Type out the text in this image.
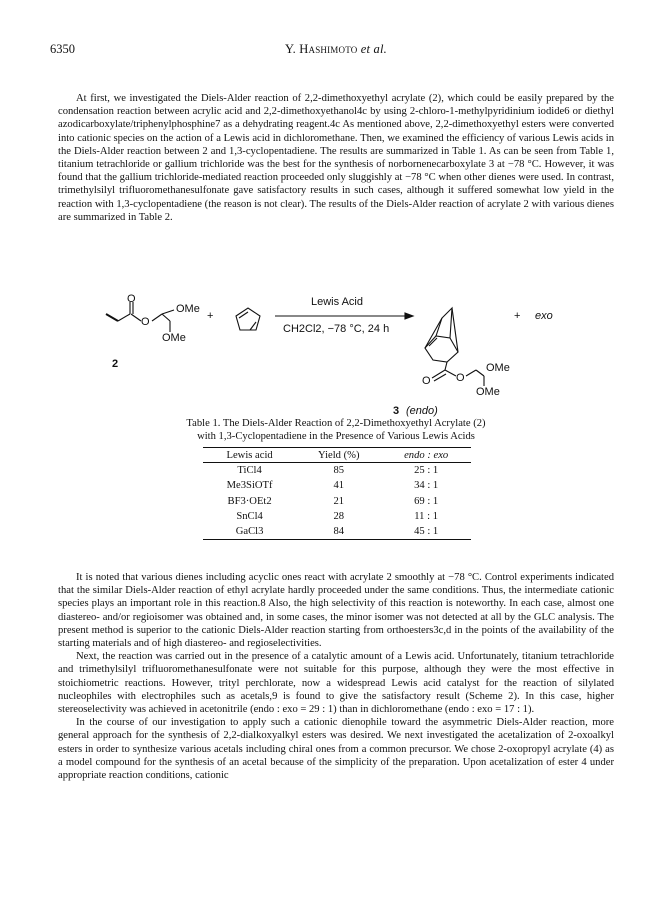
6350	Y. Hashimoto et al.

At first, we investigated the Diels-Alder reaction of 2,2-dimethoxyethyl acrylate (2), which could be easily prepared by the condensation reaction between acrylic acid and 2,2-dimethoxyethanol4c by using 2-chloro-1-methylpyridinium iodide6 or diethyl azodicarboxylate/triphenylphosphine7 as a dehydrating reagent.4c As mentioned above, 2,2-dimethoxyethyl esters were converted into cationic species on the action of a Lewis acid in dichloromethane. Then, we examined the efficiency of various Lewis acids in the Diels-Alder reaction between 2 and 1,3-cyclopentadiene. The results are summarized in Table 1. As can be seen from Table 1, titanium tetrachloride or gallium trichloride was the best for the synthesis of norbornenecarboxylate 3 at −78 °C. However, it was found that the gallium trichloride-mediated reaction proceeded only sluggishly at −78 °C when other dienes were used. In contrast, trimethylsilyl trifluoromethanesulfonate gave satisfactory results in such cases, although it suffered somewhat low yield in the reaction with 1,3-cyclopentadiene (the reason is not clear). The results of the Diels-Alder reaction of acrylate 2 with various dienes are summarized in Table 2.

O
O
OMe
OMe
2
+
Lewis Acid
CH2Cl2, −78 °C, 24 h
O O
OMe
OMe
+ exo
3 (endo)
Table 1. The Diels-Alder Reaction of 2,2-Dimethoxyethyl Acrylate (2)
with 1,3-Cyclopentadiene in the Presence of Various Lewis Acids
Lewis acid	Yield (%)	endo : exo
TiCl4	85	25 : 1
Me3SiOTf	41	34 : 1
BF3·OEt2	21	69 : 1
SnCl4	28	11 : 1
GaCl3	84	45 : 1

It is noted that various dienes including acyclic ones react with acrylate 2 smoothly at −78 °C. Control experiments indicated that the similar Diels-Alder reaction of ethyl acrylate hardly proceeded under the same conditions. Thus, the intermediate cationic species plays an important role in this reaction.8 Also, the high selectivity of this reaction is noteworthy. In each case, almost one diastereo- and/or regioisomer was obtained and, in some cases, the minor isomer was not detected at all by the GLC analysis. The present method is superior to the cationic Diels-Alder reaction starting from orthoesters3c,d in the points of the availability of the starting materials and of high diastereo- and regioselectivities.

Next, the reaction was carried out in the presence of a catalytic amount of a Lewis acid. Unfortunately, titanium tetrachloride and trimethylsilyl trifluoromethanesulfonate were not suitable for this purpose, although they were the most effective in stoichiometric reactions. However, trityl perchlorate, now a widespread Lewis acid catalyst for the reaction of silylated nucleophiles with electrophiles such as acetals,9 is found to give the satisfactory result (Scheme 2). In this case, higher stereoselectivity was achieved in acetonitrile (endo : exo = 29 : 1) than in dichloromethane (endo : exo = 17 : 1).

In the course of our investigation to apply such a cationic dienophile toward the asymmetric Diels-Alder reaction, more general approach for the synthesis of 2,2-dialkoxyalkyl esters was desired. We next investigated the acetalization of 2-oxoalkyl esters in order to synthesize various acetals including chiral ones from a common precursor. We chose 2-oxopropyl acrylate (4) as a model compound for the synthesis of an acetal because of the simplicity of the preparation. Upon acetalization of ester 4 under appropriate reaction conditions, cationic
